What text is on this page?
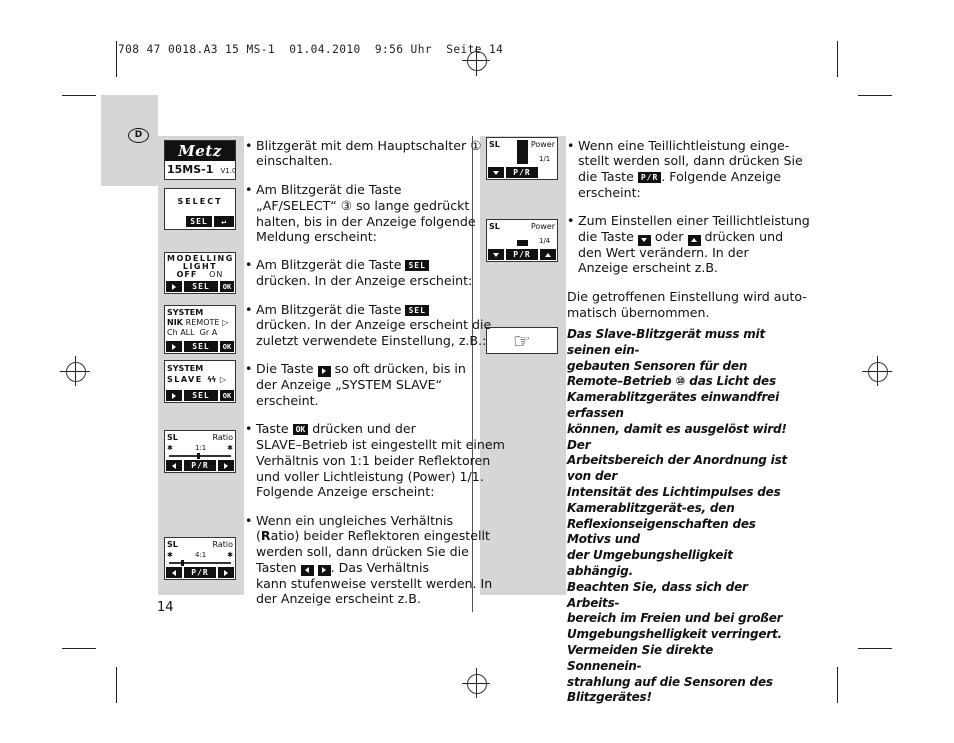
708 47 0018.A3 15 MS-1  01.04.2010  9:56 Uhr  Seite 14
D
14
Metz
15MS-1 V1.0
SELECT
SEL	↵
MODELLING
LIGHT
OFF ON
SEL	OK
SYSTEM
NIK REMOTE ▷
Ch ALL  Gr A
SEL	OK
SYSTEM
SLAVE ϟϟ ▷
SEL	OK
SL	Ratio
✱	1:1	✱
P/R
SL	Ratio
✱	4:1	✱
P/R
SL	Power
1/1
P/R
SL	Power
1/4
P/R
☞
• Blitzgerät mit dem Hauptschalter ①
einschalten.
• Am Blitzgerät die Taste
„AF/SELECT“ ③ so lange gedrückt
halten, bis in der Anzeige folgende
Meldung erscheint:
• Am Blitzgerät die Taste SEL
drücken. In der Anzeige erscheint:
• Am Blitzgerät die Taste SEL
drücken. In der Anzeige erscheint die
zuletzt verwendete Einstellung, z.B.:
• Die Taste so oft drücken, bis in
der Anzeige „SYSTEM SLAVE“
erscheint.
• Taste OK drücken und der
SLAVE–Betrieb ist eingestellt mit einem
Verhältnis von 1:1 beider Reflektoren
und voller Lichtleistung (Power) 1/1.
Folgende Anzeige erscheint:
• Wenn ein ungleiches Verhältnis
(Ratio) beider Reflektoren eingestellt
werden soll, dann drücken Sie die
Tasten
	. Das Verhältnis
kann stufenweise verstellt werden. In
der Anzeige erscheint z.B.
• Wenn eine Teillichtleistung einge-
stellt werden soll, dann drücken Sie
die Taste P/R . Folgende Anzeige
erscheint:
• Zum Einstellen einer Teillichtleistung
die Taste oder drücken und
den Wert verändern. In der
Anzeige erscheint z.B.
Die getroffenen Einstellung wird auto-
matisch übernommen.
Das Slave-Blitzgerät muss mit seinen ein-
gebauten Sensoren für den
Remote–Betrieb ⑩ das Licht des
Kamerablitzgerätes einwandfrei erfassen
können, damit es ausgelöst wird! Der
Arbeitsbereich der Anordnung ist von der
Intensität des Lichtimpulses des
Kamerablitzgerät-es, den
Reflexionseigenschaften des Motivs und
der Umgebungshelligkeit abhängig.
Beachten Sie, dass sich der Arbeits-
bereich im Freien und bei großer
Umgebungshelligkeit verringert.
Vermeiden Sie direkte Sonnenein-
strahlung auf die Sensoren des
Blitzgerätes!
